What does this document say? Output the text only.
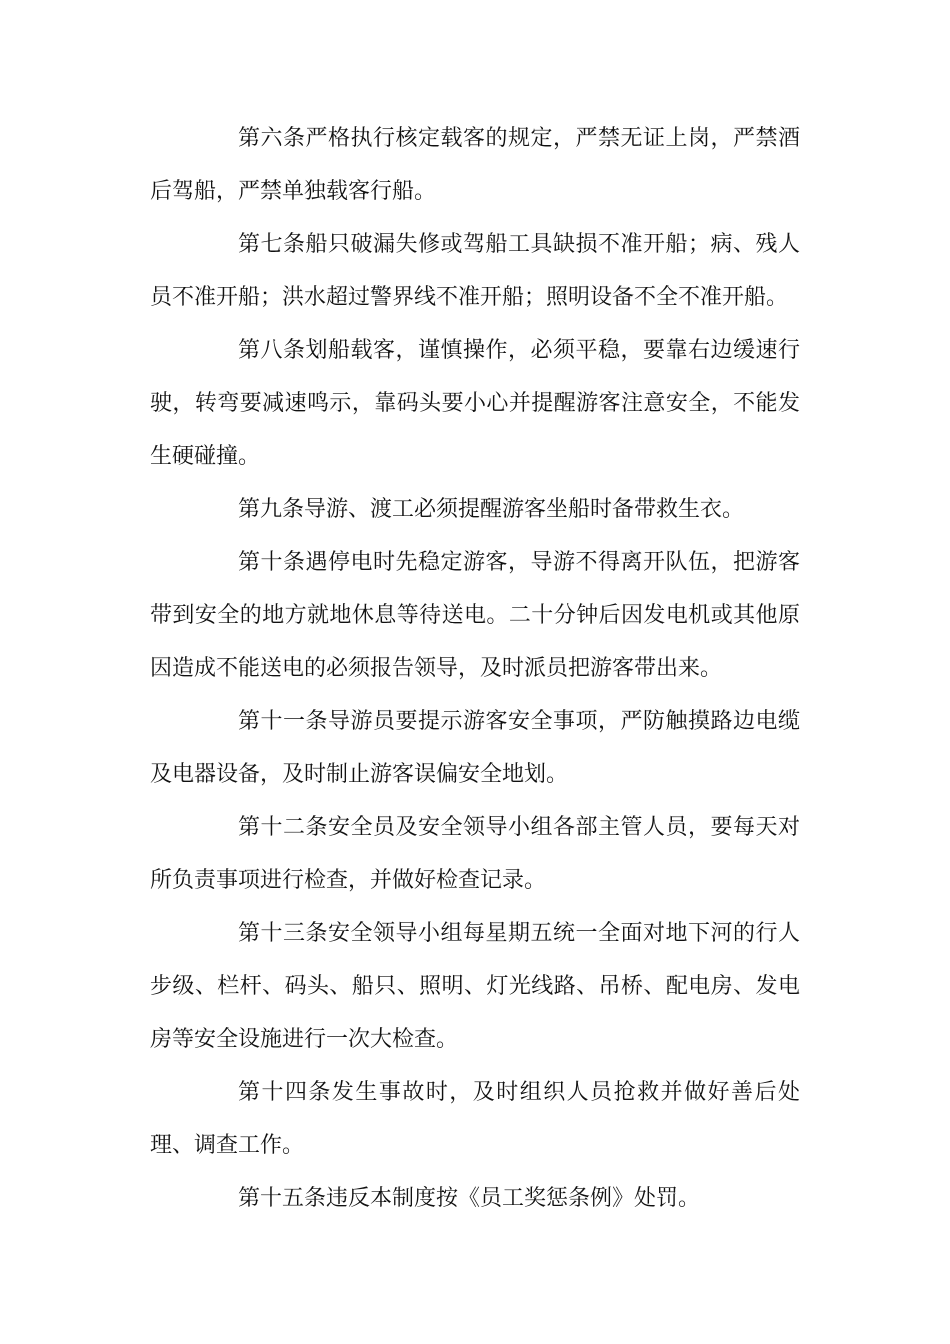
第六条严格执行核定载客的规定，严禁无证上岗，严禁酒后驾船，严禁单独载客行船。

第七条船只破漏失修或驾船工具缺损不准开船；病、残人员不准开船；洪水超过警界线不准开船；照明设备不全不准开船。

第八条划船载客，谨慎操作，必须平稳，要靠右边缓速行驶，转弯要减速鸣示，靠码头要小心并提醒游客注意安全，不能发生硬碰撞。

第九条导游、渡工必须提醒游客坐船时备带救生衣。

第十条遇停电时先稳定游客，导游不得离开队伍，把游客带到安全的地方就地休息等待送电。二十分钟后因发电机或其他原因造成不能送电的必须报告领导，及时派员把游客带出来。

第十一条导游员要提示游客安全事项，严防触摸路边电缆及电器设备，及时制止游客误偏安全地划。

第十二条安全员及安全领导小组各部主管人员，要每天对所负责事项进行检查，并做好检查记录。

第十三条安全领导小组每星期五统一全面对地下河的行人步级、栏杆、码头、船只、照明、灯光线路、吊桥、配电房、发电房等安全设施进行一次大检查。

第十四条发生事故时，及时组织人员抢救并做好善后处理、调查工作。

第十五条违反本制度按《员工奖惩条例》处罚。
